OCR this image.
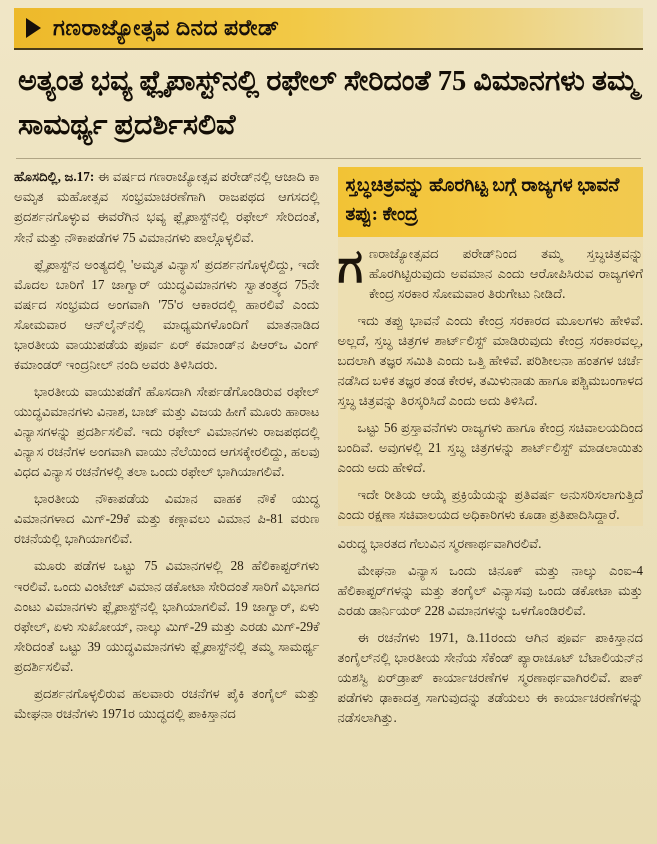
ಗಣರಾಜ್ಯೋತ್ಸವ ದಿನದ ಪರೇಡ್
ಅತ್ಯಂತ ಭವ್ಯ ಫ್ಲೈಪಾಸ್ಟ್‌ನಲ್ಲಿ ರಫೇಲ್ ಸೇರಿದಂತೆ 75 ವಿಮಾನಗಳು ತಮ್ಮ ಸಾಮರ್ಥ್ಯ ಪ್ರದರ್ಶಿಸಲಿವೆ

ಹೊಸದಿಲ್ಲಿ, ಜ.17: ಈ ವರ್ಷದ ಗಣರಾಜ್ಯೋತ್ಸವ ಪರೇಡ್‌ನಲ್ಲಿ ಆಜಾದಿ ಕಾ ಅಮೃತ ಮಹೋತ್ಸವ ಸಂಭ್ರಮಾಚರಣೆಗಾಗಿ ರಾಜಪಥದ ಆಗಸದಲ್ಲಿ ಪ್ರದರ್ಶನಗೊಳ್ಳುವ ಈವರೆಗಿನ ಭವ್ಯ ಫ್ಲೈಪಾಸ್ಟ್‌ನಲ್ಲಿ ರಫೇಲ್ ಸೇರಿದಂತೆ, ಸೇನೆ ಮತ್ತು ನೌಕಾಪಡೆಗಳ 75 ವಿಮಾನಗಳು ಪಾಲ್ಗೊಳ್ಳಲಿವೆ.

ಫ್ಲೈಪಾಸ್ಟ್‌ನ ಅಂತ್ಯದಲ್ಲಿ 'ಅಮೃತ ವಿನ್ಯಾಸ' ಪ್ರದರ್ಶನಗೊಳ್ಳಲಿದ್ದು, ಇದೇ ಮೊದಲ ಬಾರಿಗೆ 17 ಜಾಗ್ವಾರ್ ಯುದ್ಧವಿಮಾನಗಳು ಸ್ವಾತಂತ್ರ್ಯದ 75ನೇ ವರ್ಷದ ಸಂಭ್ರಮದ ಅಂಗವಾಗಿ '75'ರ ಆಕಾರದಲ್ಲಿ ಹಾರಲಿವೆ ಎಂದು ಸೋಮವಾರ ಆನ್‌ಲೈನ್‌ನಲ್ಲಿ ಮಾಧ್ಯಮಗಳೊಂದಿಗೆ ಮಾತನಾಡಿದ ಭಾರತೀಯ ವಾಯುಪಡೆಯ ಪೂರ್ವ ಏರ್ ಕಮಾಂಡ್‌ನ ಪಿಆರ್‌ಒ ವಿಂಗ್ ಕಮಾಂಡರ್ ಇಂದ್ರನೀಲ್ ನಂದಿ ಅವರು ತಿಳಿಸಿದರು.

ಭಾರತೀಯ ವಾಯುಪಡೆಗೆ ಹೊಸದಾಗಿ ಸೇರ್ಪಡೆಗೊಂಡಿರುವ ರಫೇಲ್ ಯುದ್ಧವಿಮಾನಗಳು ವಿನಾಶ, ಬಾಜ್ ಮತ್ತು ವಿಜಯ ಹೀಗೆ ಮೂರು ಹಾರಾಟ ವಿನ್ಯಾಸಗಳನ್ನು ಪ್ರದರ್ಶಿಸಲಿವೆ. ಇದು ರಫೇಲ್ ವಿಮಾನಗಳು ರಾಜಪಥದಲ್ಲಿ ವಿನ್ಯಾಸ ರಚನೆಗಳ ಅಂಗವಾಗಿ ವಾಯು ನೆಲೆಯಿಂದ ಆಗಸಕ್ಕೇರಲಿದ್ದು, ಹಲವು ವಿಧದ ವಿನ್ಯಾಸ ರಚನೆಗಳಲ್ಲಿ ತಲಾ ಒಂದು ರಫೇಲ್ ಭಾಗಿಯಾಗಲಿವೆ.

ಭಾರತೀಯ ನೌಕಾಪಡೆಯ ವಿಮಾನ ವಾಹಕ ನೌಕೆ ಯುದ್ಧ ವಿಮಾನಗಳಾದ ಮಿಗ್-29ಕೆ ಮತ್ತು ಕಣ್ಗಾವಲು ವಿಮಾನ ಪಿ-81 ವರುಣ ರಚನೆಯಲ್ಲಿ ಭಾಗಿಯಾಗಲಿವೆ.

ಮೂರು ಪಡೆಗಳ ಒಟ್ಟು 75 ವಿಮಾನಗಳಲ್ಲಿ 28 ಹೆಲಿಕಾಪ್ಟರ್‌ಗಳು ಇರಲಿವೆ. ಒಂದು ವಿಂಟೇಜ್ ವಿಮಾನ ಡಕೋಟಾ ಸೇರಿದಂತೆ ಸಾರಿಗೆ ವಿಭಾಗದ ಎಂಟು ವಿಮಾನಗಳು ಫ್ಲೈಪಾಸ್ಟ್‌ನಲ್ಲಿ ಭಾಗಿಯಾಗಲಿವೆ. 19 ಜಾಗ್ವಾರ್, ಏಳು ರಫೇಲ್, ಏಳು ಸುಖೋಯ್, ನಾಲ್ಕು ಮಿಗ್-29 ಮತ್ತು ಎರಡು ಮಿಗ್-29ಕೆ ಸೇರಿದಂತೆ ಒಟ್ಟು 39 ಯುದ್ಧವಿಮಾನಗಳು ಫ್ಲೈಪಾಸ್ಟ್‌ನಲ್ಲಿ ತಮ್ಮ ಸಾಮರ್ಥ್ಯ ಪ್ರದರ್ಶಿಸಲಿವೆ.

ಪ್ರದರ್ಶನಗೊಳ್ಳಲಿರುವ ಹಲವಾರು ರಚನೆಗಳ ಪೈಕಿ ತಂಗೈಲ್ ಮತ್ತು ಮೇಘನಾ ರಚನೆಗಳು 1971ರ ಯುದ್ಧದಲ್ಲಿ ಪಾಕಿಸ್ತಾನದ

ಸ್ತಬ್ಧಚಿತ್ರವನ್ನು ಹೊರಗಿಟ್ಟ ಬಗ್ಗೆ ರಾಜ್ಯಗಳ ಭಾವನೆ ತಪ್ಪು: ಕೇಂದ್ರ

ಗ ಣರಾಜ್ಯೋತ್ಸವದ ಪರೇಡ್‌ನಿಂದ ತಮ್ಮ ಸ್ತಬ್ಧಚಿತ್ರವನ್ನು ಹೊರಗಿಟ್ಟಿರುವುದು ಅವಮಾನ ಎಂದು ಆರೋಪಿಸಿರುವ ರಾಜ್ಯಗಳಿಗೆ ಕೇಂದ್ರ ಸರಕಾರ ಸೋಮವಾರ ತಿರುಗೇಟು ನೀಡಿದೆ.

ಇದು ತಪ್ಪು ಭಾವನೆ ಎಂದು ಕೇಂದ್ರ ಸರಕಾರದ ಮೂಲಗಳು ಹೇಳಿವೆ. ಅಲ್ಲದೆ, ಸ್ತಬ್ಧ ಚಿತ್ರಗಳ ಶಾರ್ಟ್‌ಲಿಸ್ಟ್ ಮಾಡಿರುವುದು ಕೇಂದ್ರ ಸರಕಾರವಲ್ಲ, ಬದಲಾಗಿ ತಜ್ಞರ ಸಮಿತಿ ಎಂದು ಒತ್ತಿ ಹೇಳಿವೆ. ಪರಿಶೀಲನಾ ಹಂತಗಳ ಚರ್ಚೆ ನಡೆಸಿದ ಬಳಿಕ ತಜ್ಞರ ತಂಡ ಕೇರಳ, ತಮಿಳುನಾಡು ಹಾಗೂ ಪಶ್ಚಿಮಬಂಗಾಳದ ಸ್ತಬ್ಧ ಚಿತ್ರವನ್ನು ತಿರಸ್ಕರಿಸಿದೆ ಎಂದು ಅದು ತಿಳಿಸಿದೆ.

ಒಟ್ಟು 56 ಪ್ರಸ್ತಾವನೆಗಳು ರಾಜ್ಯಗಳು ಹಾಗೂ ಕೇಂದ್ರ ಸಚಿವಾಲಯದಿಂದ ಬಂದಿವೆ. ಅವುಗಳಲ್ಲಿ 21 ಸ್ತಬ್ಧ ಚಿತ್ರಗಳನ್ನು ಶಾರ್ಟ್‌ಲಿಸ್ಟ್ ಮಾಡಲಾಯಿತು ಎಂದು ಅದು ಹೇಳಿದೆ.

ಇದೇ ರೀತಿಯ ಆಯ್ಕೆ ಪ್ರಕ್ರಿಯೆಯನ್ನು ಪ್ರತಿವರ್ಷ ಅನುಸರಿಸಲಾಗುತ್ತಿದೆ ಎಂದು ರಕ್ಷಣಾ ಸಚಿವಾಲಯದ ಅಧಿಕಾರಿಗಳು ಕೂಡಾ ಪ್ರತಿಪಾದಿಸಿದ್ದಾರೆ.

ವಿರುದ್ಧ ಭಾರತದ ಗೆಲುವಿನ ಸ್ಮರಣಾರ್ಥವಾಗಿರಲಿವೆ.

ಮೇಘನಾ ವಿನ್ಯಾಸ ಒಂದು ಚಿನೂಕ್ ಮತ್ತು ನಾಲ್ಕು ಎಂಐ-4 ಹೆಲಿಕಾಪ್ಟರ್‌ಗಳನ್ನು ಮತ್ತು ತಂಗೈಲ್ ವಿನ್ಯಾಸವು ಒಂದು ಡಕೋಟಾ ಮತ್ತು ಎರಡು ಡಾರ್ನಿಯರ್ 228 ವಿಮಾನಗಳನ್ನು ಒಳಗೊಂಡಿರಲಿವೆ.

ಈ ರಚನೆಗಳು 1971, ಡಿ.11ರಂದು ಆಗಿನ ಪೂರ್ವ ಪಾಕಿಸ್ತಾನದ ತಂಗೈಲ್‌ನಲ್ಲಿ ಭಾರತೀಯ ಸೇನೆಯ ಸೆಕೆಂಡ್ ಪ್ಯಾರಾಚೂಟ್ ಬೆಟಾಲಿಯನ್‌ನ ಯಶಸ್ವಿ ಏರ್‌ಡ್ರಾಪ್ ಕಾರ್ಯಾಚರಣೆಗಳ ಸ್ಮರಣಾರ್ಥವಾಗಿರಲಿವೆ. ಪಾಕ್ ಪಡೆಗಳು ಢಾಕಾದತ್ತ ಸಾಗುವುದನ್ನು ತಡೆಯಲು ಈ ಕಾರ್ಯಾಚರಣೆಗಳನ್ನು ನಡೆಸಲಾಗಿತ್ತು.
